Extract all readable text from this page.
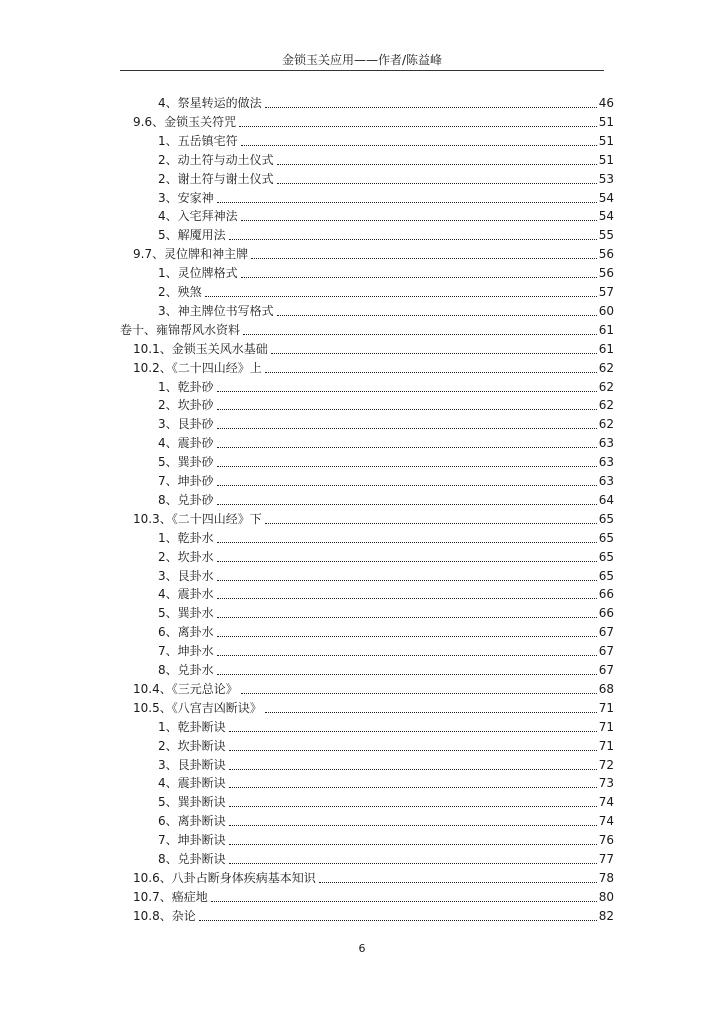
金锁玉关应用——作者/陈益峰
4、祭星转运的做法	46
9.6、金锁玉关符咒	51
1、五岳镇宅符	51
2、动土符与动土仪式	51
2、谢土符与谢土仪式	53
3、安家神	54
4、入宅拜神法	54
5、解魇用法	55
9.7、灵位牌和神主牌	56
1、灵位牌格式	56
2、殃煞	57
3、神主牌位书写格式	60
卷十、雍锦帮风水资料	61
10.1、金锁玉关风水基础	61
10.2、《二十四山经》上	62
1、乾卦砂	62
2、坎卦砂	62
3、艮卦砂	62
4、震卦砂	63
5、巽卦砂	63
7、坤卦砂	63
8、兑卦砂	64
10.3、《二十四山经》下	65
1、乾卦水	65
2、坎卦水	65
3、艮卦水	65
4、震卦水	66
5、巽卦水	66
6、离卦水	67
7、坤卦水	67
8、兑卦水	67
10.4、《三元总论》	68
10.5、《八宫吉凶断诀》	71
1、乾卦断诀	71
2、坎卦断诀	71
3、艮卦断诀	72
4、震卦断诀	73
5、巽卦断诀	74
6、离卦断诀	74
7、坤卦断诀	76
8、兑卦断诀	77
10.6、八卦占断身体疾病基本知识	78
10.7、癌症地	80
10.8、杂论	82
6
